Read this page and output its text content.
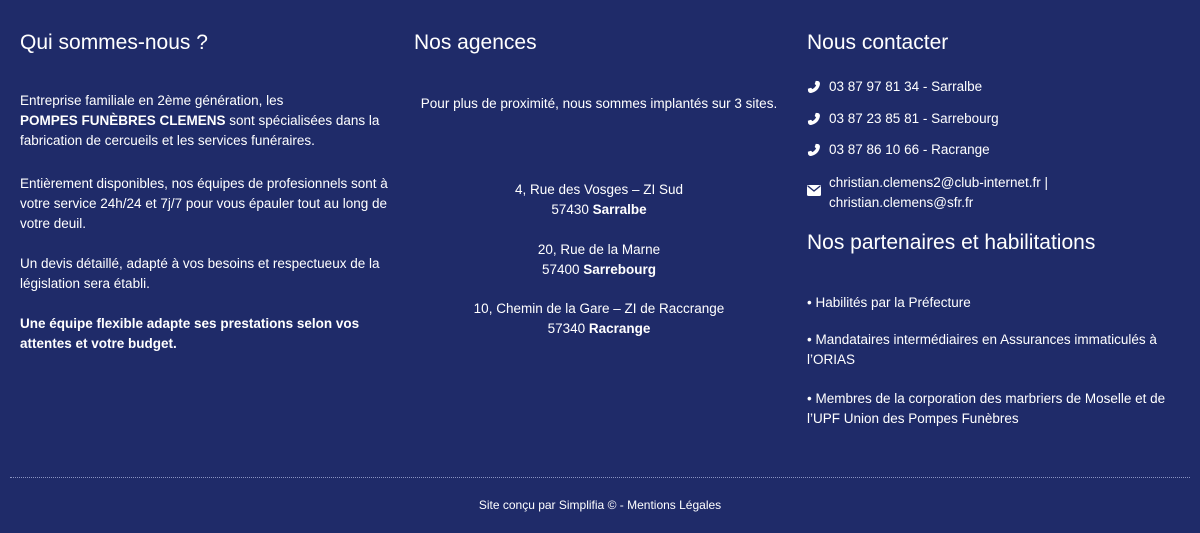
Qui sommes-nous ?

Entreprise familiale en 2ème génération, les
POMPES FUNÈBRES CLEMENS sont spécialisées dans la fabrication de cercueils et les services funéraires.

Entièrement disponibles, nos équipes de profesionnels sont à votre service 24h/24 et 7j/7 pour vous épauler tout au long de votre deuil.

Un devis détaillé, adapté à vos besoins et respectueux de la législation sera établi.

Une équipe flexible adapte ses prestations selon vos attentes et votre budget.

Nos agences

Pour plus de proximité, nous sommes implantés sur 3 sites.

4, Rue des Vosges – ZI Sud
57430 Sarralbe

20, Rue de la Marne
57400 Sarrebourg

10, Chemin de la Gare – ZI de Raccrange
57340 Racrange

Nous contacter
03 87 97 81 34 - Sarralbe
03 87 23 85 81 - Sarrebourg
03 87 86 10 66 - Racrange
christian.clemens2@club-internet.fr |
christian.clemens@sfr.fr
Nos partenaires et habilitations

• Habilités par la Préfecture

• Mandataires intermédiaires en Assurances immaticulés à l’ORIAS

• Membres de la corporation des marbriers de Moselle et de l’UPF Union des Pompes Funèbres

Site conçu par Simplifia © - Mentions Légales
